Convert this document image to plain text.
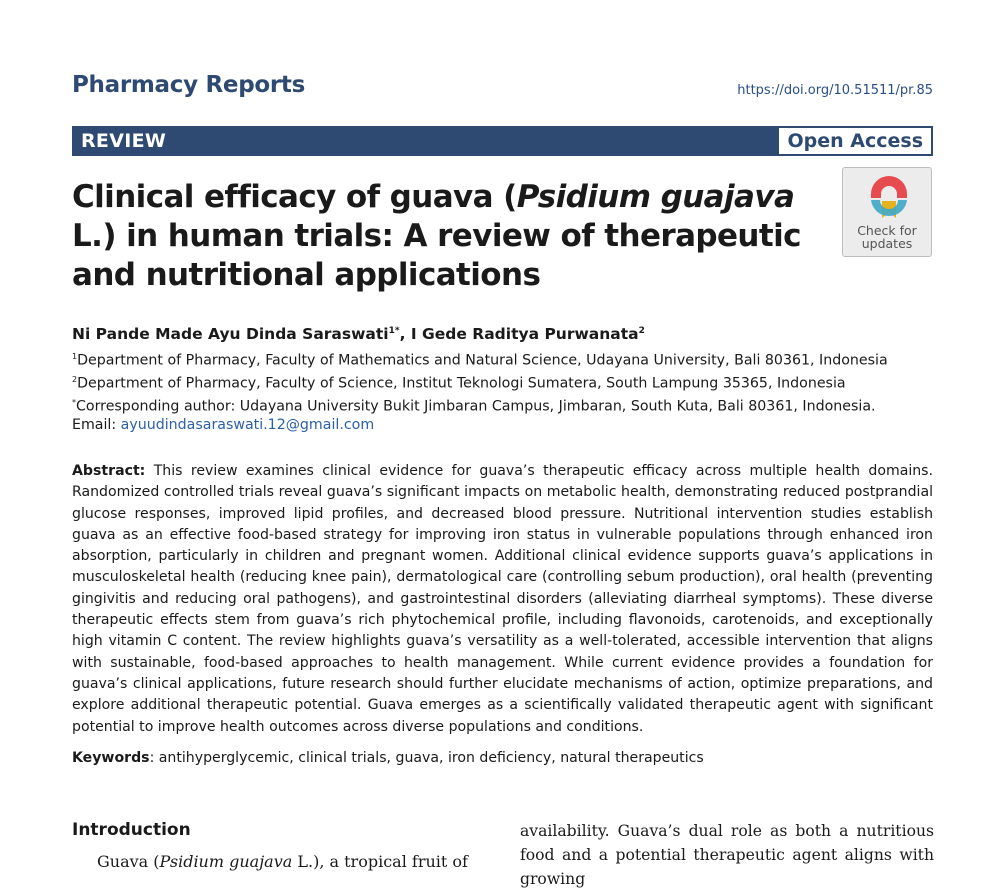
Pharmacy Reports	https://doi.org/10.51511/pr.85
REVIEW	Open Access
Clinical efficacy of guava (Psidium guajava L.) in human trials: A review of therapeutic and nutritional applications
Check for
updates

Ni Pande Made Ayu Dinda Saraswati$^{1*}$, I Gede Raditya Purwanata$^2$

$^1$Department of Pharmacy, Faculty of Mathematics and Natural Science, Udayana University, Bali 80361, Indonesia

$^2$Department of Pharmacy, Faculty of Science, Institut Teknologi Sumatera, South Lampung 35365, Indonesia

*Corresponding author: Udayana University Bukit Jimbaran Campus, Jimbaran, South Kuta, Bali 80361, Indonesia.

Email: ayuudindasaraswati.12@gmail.com

Abstract: This review examines clinical evidence for guava’s therapeutic efficacy across multiple health domains. Randomized controlled trials reveal guava’s significant impacts on metabolic health, demonstrating reduced postprandial glucose responses, improved lipid profiles, and decreased blood pressure. Nutritional intervention studies establish guava as an effective food-based strategy for improving iron status in vulnerable populations through enhanced iron absorption, particularly in children and pregnant women. Additional clinical evidence supports guava’s applications in musculoskeletal health (reducing knee pain), dermatological care (controlling sebum production), oral health (preventing gingivitis and reducing oral pathogens), and gastrointestinal disorders (alleviating diarrheal symptoms). These diverse therapeutic effects stem from guava’s rich phytochemical profile, including flavonoids, carotenoids, and exceptionally high vitamin C content. The review highlights guava’s versatility as a well-tolerated, accessible intervention that aligns with sustainable, food-based approaches to health management. While current evidence provides a foundation for guava’s clinical applications, future research should further elucidate mechanisms of action, optimize preparations, and explore additional therapeutic potential. Guava emerges as a scientifically validated therapeutic agent with significant potential to improve health outcomes across diverse populations and conditions.

Keywords: antihyperglycemic, clinical trials, guava, iron deficiency, natural therapeutics

Introduction

Guava (Psidium guajava L.), a tropical fruit of

availability. Guava’s dual role as both a nutritious food and a potential therapeutic agent aligns with growing
